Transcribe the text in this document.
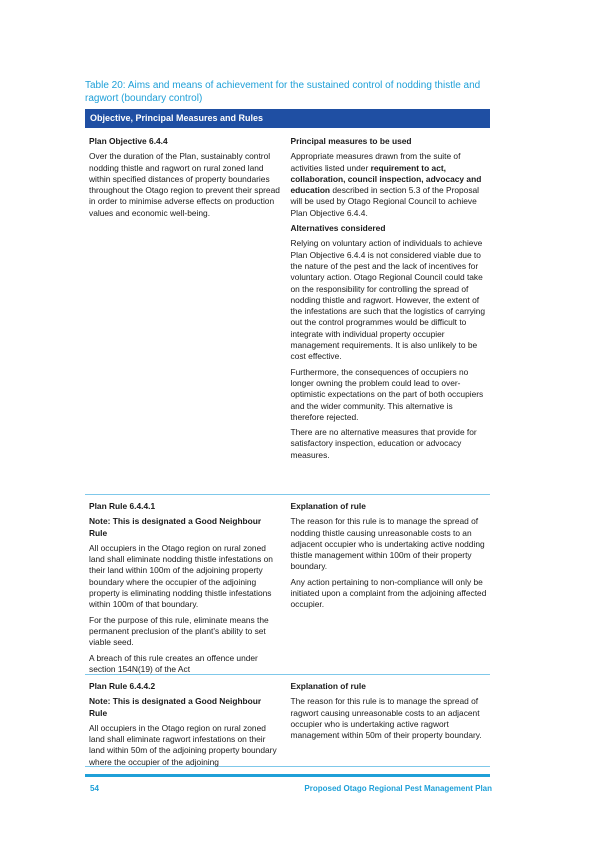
Table 20: Aims and means of achievement for the sustained control of nodding thistle and ragwort (boundary control)
Objective, Principal Measures and Rules
Plan Objective 6.4.4

Over the duration of the Plan, sustainably control nodding thistle and ragwort on rural zoned land within specified distances of property boundaries throughout the Otago region to prevent their spread in order to minimise adverse effects on production values and economic well-being.

Principal measures to be used

Appropriate measures drawn from the suite of activities listed under requirement to act, collaboration, council inspection, advocacy and education described in section 5.3 of the Proposal will be used by Otago Regional Council to achieve Plan Objective 6.4.4.

Alternatives considered

Relying on voluntary action of individuals to achieve Plan Objective 6.4.4 is not considered viable due to the nature of the pest and the lack of incentives for voluntary action. Otago Regional Council could take on the responsibility for controlling the spread of nodding thistle and ragwort. However, the extent of the infestations are such that the logistics of carrying out the control programmes would be difficult to integrate with individual property occupier management requirements. It is also unlikely to be cost effective.

Furthermore, the consequences of occupiers no longer owning the problem could lead to over-optimistic expectations on the part of both occupiers and the wider community. This alternative is therefore rejected.

There are no alternative measures that provide for satisfactory inspection, education or advocacy measures.

Plan Rule 6.4.4.1
Note: This is designated a Good Neighbour Rule

All occupiers in the Otago region on rural zoned land shall eliminate nodding thistle infestations on their land within 100m of the adjoining property boundary where the occupier of the adjoining property is eliminating nodding thistle infestations within 100m of that boundary.

For the purpose of this rule, eliminate means the permanent preclusion of the plant’s ability to set viable seed.

A breach of this rule creates an offence under section 154N(19) of the Act

Explanation of rule

The reason for this rule is to manage the spread of nodding thistle causing unreasonable costs to an adjacent occupier who is undertaking active nodding thistle management within 100m of their property boundary.

Any action pertaining to non-compliance will only be initiated upon a complaint from the adjoining affected occupier.

Plan Rule 6.4.4.2
Note: This is designated a Good Neighbour Rule

All occupiers in the Otago region on rural zoned land shall eliminate ragwort infestations on their land within 50m of the adjoining property boundary where the occupier of the adjoining

Explanation of rule

The reason for this rule is to manage the spread of ragwort causing unreasonable costs to an adjacent occupier who is undertaking active ragwort management within 50m of their property boundary.

54	Proposed Otago Regional Pest Management Plan
